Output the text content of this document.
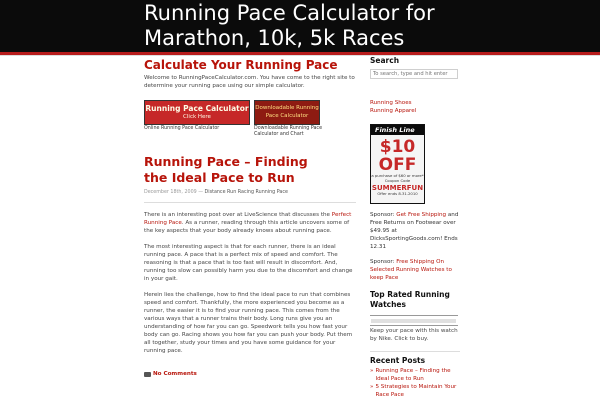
Running Pace Calculator for
Marathon, 10k, 5k Races
Calculate Your Running Pace
Welcome to RunningPaceCalculator.com. You have come to the right site to determine your running pace using our simple calculator.
Running Pace Calculator
Click Here
Online Running Pace Calculator
Downloadable Running
Pace Calculator
Downloadable Running Pace Calculator and Chart
Running Pace – Finding the Ideal Pace to Run
December 18th, 2009 — Distance Run Racing Running Pace
There is an interesting post over at LiveScience that discusses the Perfect Running Pace. As a runner, reading through this article uncovers some of the key aspects that your body already knows about running pace.
The most interesting aspect is that for each runner, there is an ideal running pace. A pace that is a perfect mix of speed and comfort. The reasoning is that a pace that is too fast will result in discomfort. And, running too slow can possibly harm you due to the discomfort and change in your gait.
Herein lies the challenge, how to find the ideal pace to run that combines speed and comfort. Thankfully, the more experienced you become as a runner, the easier it is to find your running pace. This comes from the various ways that a runner trains their body. Long runs give you an understanding of how far you can go. Speedwork tells you how fast your body can go. Racing shows you how far you can push your body. Put them all together, study your times and you have some guidance for your running pace.
No Comments
Search
To search, type and hit enter
Running Shoes
Running Apparel
Finish Line
$10 OFF
a purchase of $60 or more*
Coupon Code
SUMMERFUN
Offer ends 8.31.2010
Sponsor: Get Free Shipping and Free Returns on Footwear over $49.95 at DicksSportingGoods.com! Ends 12.31
Sponsor: Free Shipping On Selected Running Watches to keep Pace
Top Rated Running Watches
Keep your pace with this watch by Nike. Click to buy.
Recent Posts
» Running Pace – Finding the Ideal Pace to Run
» 5 Strategies to Maintain Your Race Pace
